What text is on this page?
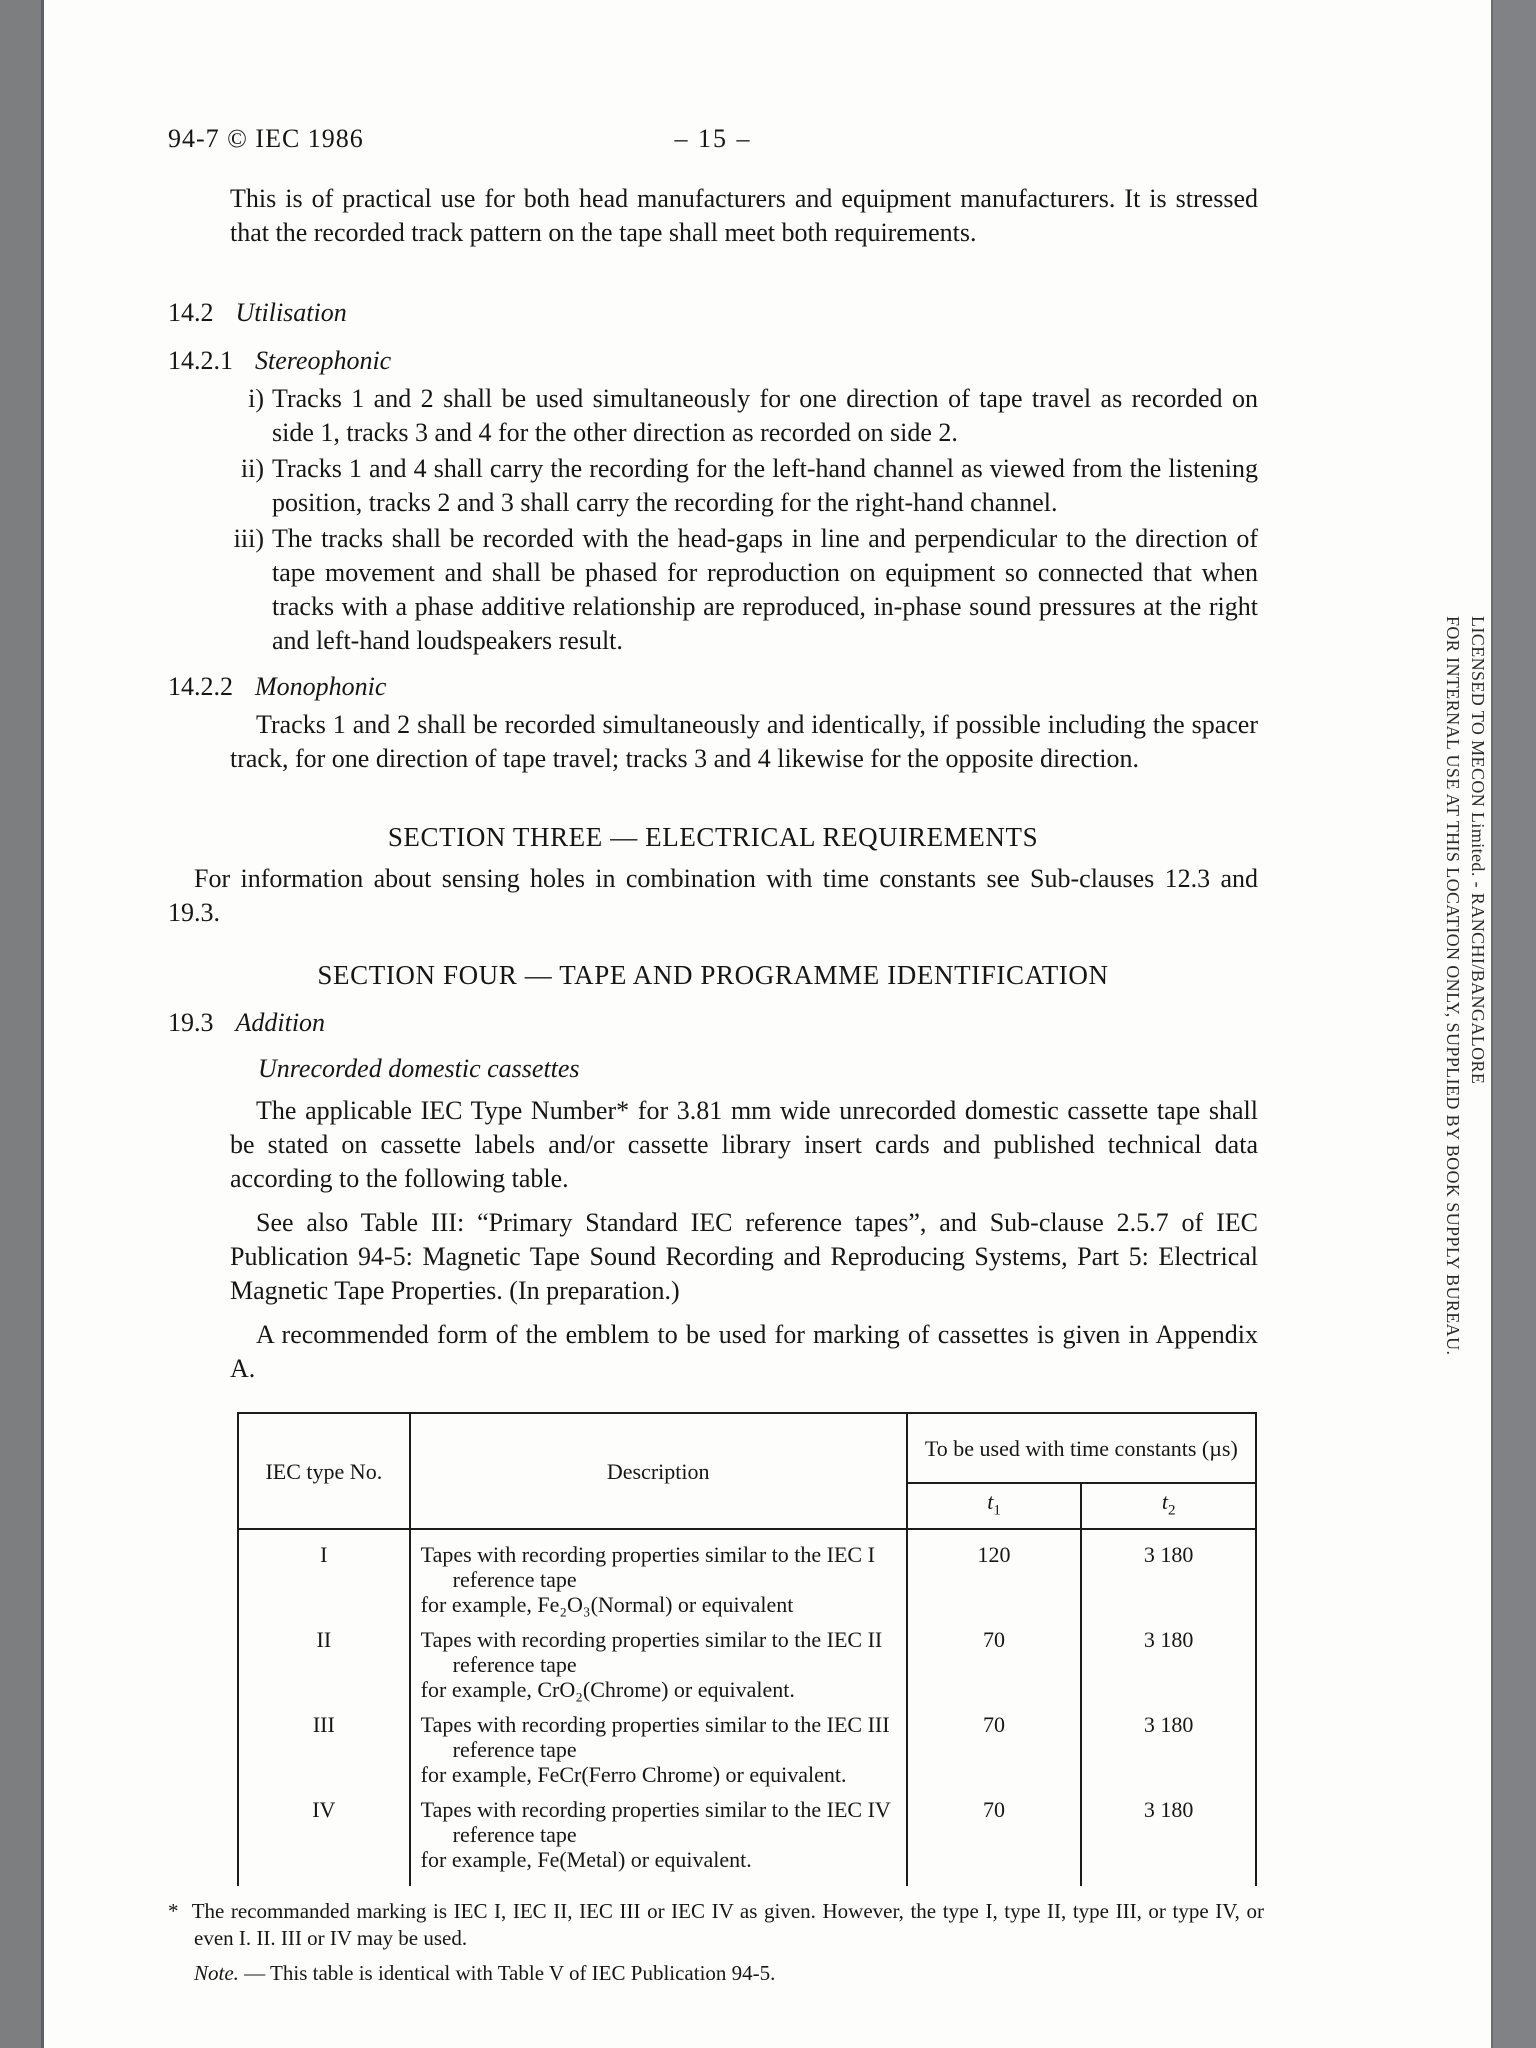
LICENSED TO MECON Limited. - RANCHI/BANGALORE
FOR INTERNAL USE AT THIS LOCATION ONLY, SUPPLIED BY BOOK SUPPLY BUREAU.
94-7 © IEC 1986	– 15 –

This is of practical use for both head manufacturers and equipment manufacturers. It is stressed that the recorded track pattern on the tape shall meet both requirements.

14.2 Utilisation
14.2.1 Stereophonic
i) Tracks 1 and 2 shall be used simultaneously for one direction of tape travel as recorded on side 1, tracks 3 and 4 for the other direction as recorded on side 2.
ii) Tracks 1 and 4 shall carry the recording for the left-hand channel as viewed from the listening position, tracks 2 and 3 shall carry the recording for the right-hand channel.
iii) The tracks shall be recorded with the head-gaps in line and perpendicular to the direction of tape movement and shall be phased for reproduction on equipment so connected that when tracks with a phase additive relationship are reproduced, in-phase sound pressures at the right and left-hand loudspeakers result.
14.2.2 Monophonic

Tracks 1 and 2 shall be recorded simultaneously and identically, if possible including the spacer track, for one direction of tape travel; tracks 3 and 4 likewise for the opposite direction.

SECTION THREE — ELECTRICAL REQUIREMENTS

For information about sensing holes in combination with time constants see Sub-clauses 12.3 and 19.3.

SECTION FOUR — TAPE AND PROGRAMME IDENTIFICATION
19.3 Addition
Unrecorded domestic cassettes

The applicable IEC Type Number* for 3.81 mm wide unrecorded domestic cassette tape shall be stated on cassette labels and/or cassette library insert cards and published technical data according to the following table.

See also Table III: “Primary Standard IEC reference tapes”, and Sub-clause 2.5.7 of IEC Publication 94-5: Magnetic Tape Sound Recording and Reproducing Systems, Part 5: Electrical Magnetic Tape Properties. (In preparation.)

A recommended form of the emblem to be used for marking of cassettes is given in Appendix A.

IEC type No.	Description	To be used with time constants (µs)	
		$t_1$	$t_2$
I	Tapes with recording properties similar to the IEC I
reference tape
for example, Fe₂O₃(Normal) or equivalent	120	3 180
II	Tapes with recording properties similar to the IEC II
reference tape
for example, CrO₂(Chrome) or equivalent.	70	3 180
III	Tapes with recording properties similar to the IEC III
reference tape
for example, FeCr(Ferro Chrome) or equivalent.	70	3 180
IV	Tapes with recording properties similar to the IEC IV
reference tape
for example, Fe(Metal) or equivalent.	70	3 180

* The recommanded marking is IEC I, IEC II, IEC III or IEC IV as given. However, the type I, type II, type III, or type IV, or even I. II. III or IV may be used.

Note. — This table is identical with Table V of IEC Publication 94-5.
